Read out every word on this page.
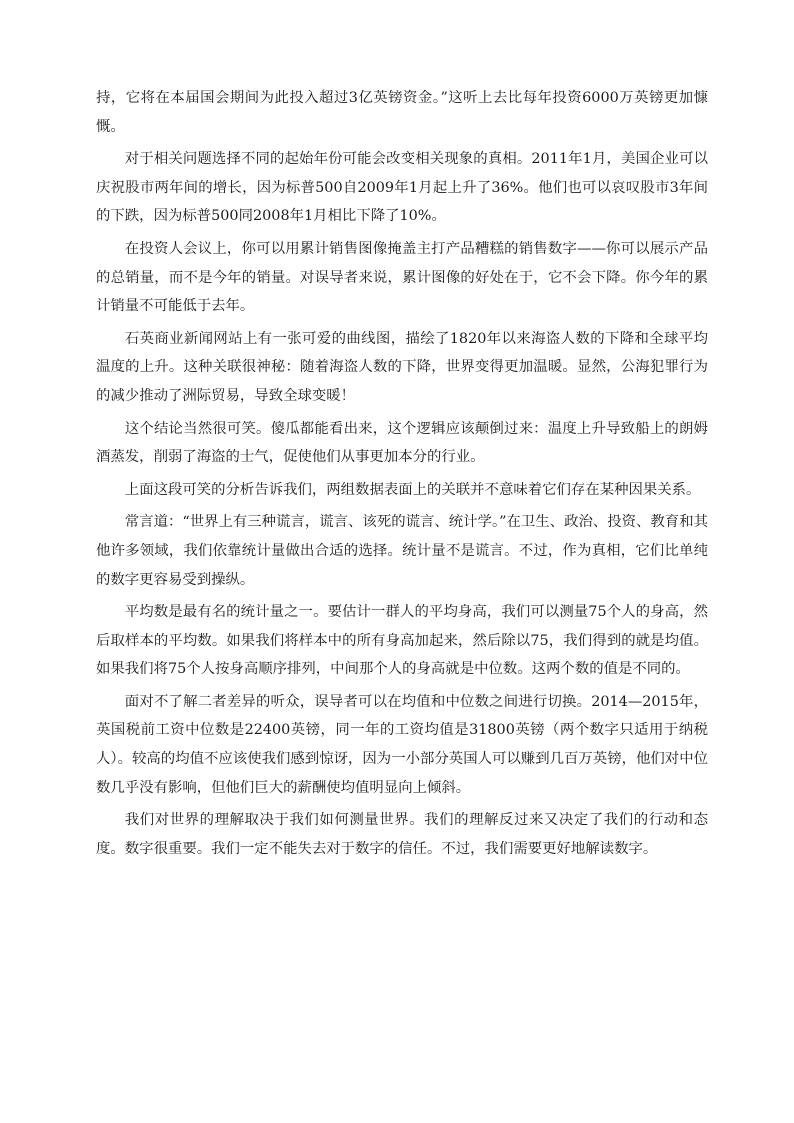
持，它将在本届国会期间为此投入超过3亿英镑资金。”这听上去比每年投资6000万英镑更加慷慨。

对于相关问题选择不同的起始年份可能会改变相关现象的真相。2011年1月，美国企业可以庆祝股市两年间的增长，因为标普500自2009年1月起上升了36%。他们也可以哀叹股市3年间的下跌，因为标普500同2008年1月相比下降了10%。

在投资人会议上，你可以用累计销售图像掩盖主打产品糟糕的销售数字——你可以展示产品的总销量，而不是今年的销量。对误导者来说，累计图像的好处在于，它不会下降。你今年的累计销量不可能低于去年。

石英商业新闻网站上有一张可爱的曲线图，描绘了1820年以来海盗人数的下降和全球平均温度的上升。这种关联很神秘：随着海盗人数的下降，世界变得更加温暖。显然，公海犯罪行为的减少推动了洲际贸易，导致全球变暖！

这个结论当然很可笑。傻瓜都能看出来，这个逻辑应该颠倒过来：温度上升导致船上的朗姆酒蒸发，削弱了海盗的士气，促使他们从事更加本分的行业。

上面这段可笑的分析告诉我们，两组数据表面上的关联并不意味着它们存在某种因果关系。

常言道：“世界上有三种谎言，谎言、该死的谎言、统计学。”在卫生、政治、投资、教育和其他许多领域，我们依靠统计量做出合适的选择。统计量不是谎言。不过，作为真相，它们比单纯的数字更容易受到操纵。

平均数是最有名的统计量之一。要估计一群人的平均身高，我们可以测量75个人的身高，然后取样本的平均数。如果我们将样本中的所有身高加起来，然后除以75，我们得到的就是均值。如果我们将75个人按身高顺序排列，中间那个人的身高就是中位数。这两个数的值是不同的。

面对不了解二者差异的听众，误导者可以在均值和中位数之间进行切换。2014—2015年，英国税前工资中位数是22400英镑，同一年的工资均值是31800英镑（两个数字只适用于纳税人）。较高的均值不应该使我们感到惊讶，因为一小部分英国人可以赚到几百万英镑，他们对中位数几乎没有影响，但他们巨大的薪酬使均值明显向上倾斜。

我们对世界的理解取决于我们如何测量世界。我们的理解反过来又决定了我们的行动和态度。数字很重要。我们一定不能失去对于数字的信任。不过，我们需要更好地解读数字。
